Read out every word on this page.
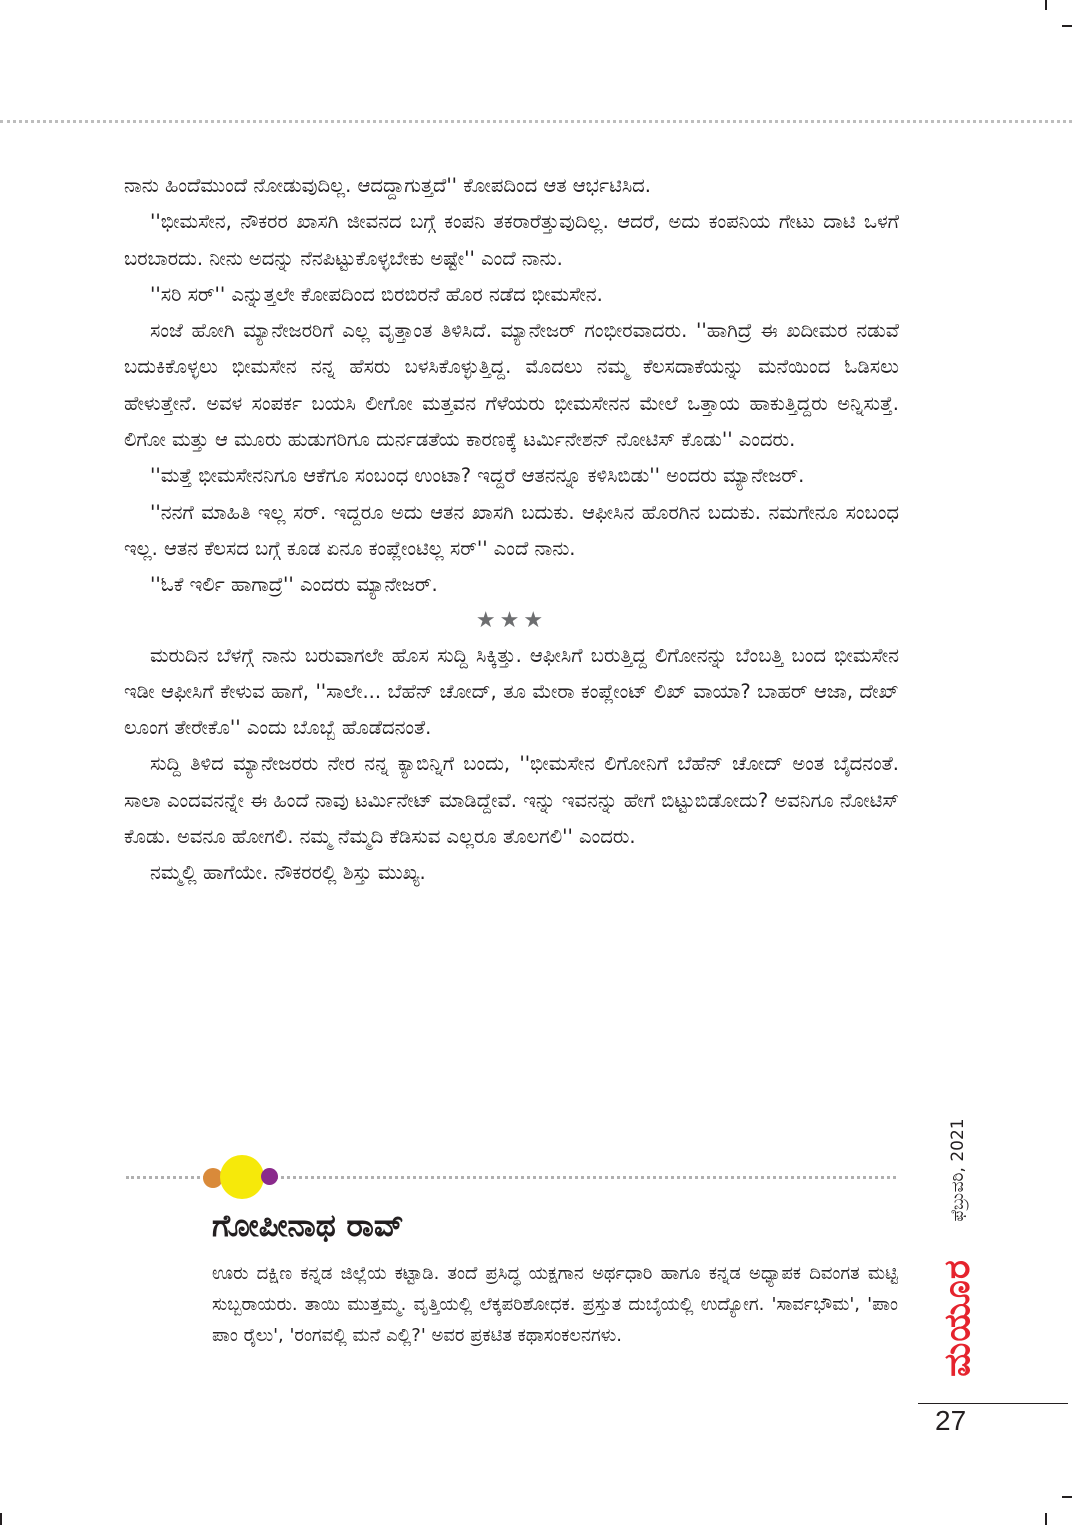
ನಾನು ಹಿಂದೆಮುಂದೆ ನೋಡುವುದಿಲ್ಲ. ಆದದ್ದಾಗುತ್ತದೆ'' ಕೋಪದಿಂದ ಆತ ಆರ್ಭಟಿಸಿದ.

''ಭೀಮಸೇನ, ನೌಕರರ ಖಾಸಗಿ ಜೀವನದ ಬಗ್ಗೆ ಕಂಪನಿ ತಕರಾರೆತ್ತುವುದಿಲ್ಲ. ಆದರೆ, ಅದು ಕಂಪನಿಯ ಗೇಟು ದಾಟಿ ಒಳಗೆ ಬರಬಾರದು. ನೀನು ಅದನ್ನು ನೆನಪಿಟ್ಟುಕೊಳ್ಳಬೇಕು ಅಷ್ಟೇ'' ಎಂದೆ ನಾನು.

''ಸರಿ ಸರ್'' ಎನ್ನುತ್ತಲೇ ಕೋಪದಿಂದ ಬಿರಬಿರನೆ ಹೊರ ನಡೆದ ಭೀಮಸೇನ.

ಸಂಜೆ ಹೋಗಿ ಮ್ಯಾನೇಜರರಿಗೆ ಎಲ್ಲ ವೃತ್ತಾಂತ ತಿಳಿಸಿದೆ. ಮ್ಯಾನೇಜರ್ ಗಂಭೀರವಾದರು. ''ಹಾಗಿದ್ರೆ ಈ ಖದೀಮರ ನಡುವೆ ಬದುಕಿಕೊಳ್ಳಲು ಭೀಮಸೇನ ನನ್ನ ಹೆಸರು ಬಳಸಿಕೊಳ್ಳುತ್ತಿದ್ದ. ಮೊದಲು ನಮ್ಮ ಕೆಲಸದಾಕೆಯನ್ನು ಮನೆಯಿಂದ ಓಡಿಸಲು ಹೇಳುತ್ತೇನೆ. ಅವಳ ಸಂಪರ್ಕ ಬಯಸಿ ಲೀಗೋ ಮತ್ತವನ ಗೆಳೆಯರು ಭೀಮಸೇನನ ಮೇಲೆ ಒತ್ತಾಯ ಹಾಕುತ್ತಿದ್ದರು ಅನ್ನಿಸುತ್ತೆ. ಲಿಗೋ ಮತ್ತು ಆ ಮೂರು ಹುಡುಗರಿಗೂ ದುರ್ನಡತೆಯ ಕಾರಣಕ್ಕೆ ಟರ್ಮಿನೇಶನ್ ನೋಟಿಸ್ ಕೊಡು'' ಎಂದರು.

''ಮತ್ತೆ ಭೀಮಸೇನನಿಗೂ ಆಕೆಗೂ ಸಂಬಂಧ ಉಂಟಾ? ಇದ್ದರೆ ಆತನನ್ನೂ ಕಳಿಸಿಬಿಡು'' ಅಂದರು ಮ್ಯಾನೇಜರ್.

''ನನಗೆ ಮಾಹಿತಿ ಇಲ್ಲ ಸರ್. ಇದ್ದರೂ ಅದು ಆತನ ಖಾಸಗಿ ಬದುಕು. ಆಫೀಸಿನ ಹೊರಗಿನ ಬದುಕು. ನಮಗೇನೂ ಸಂಬಂಧ ಇಲ್ಲ. ಆತನ ಕೆಲಸದ ಬಗ್ಗೆ ಕೂಡ ಏನೂ ಕಂಪ್ಲೇಂಟಿಲ್ಲ ಸರ್'' ಎಂದೆ ನಾನು.

''ಓಕೆ ಇರ್ಲಿ ಹಾಗಾದ್ರೆ'' ಎಂದರು ಮ್ಯಾನೇಜರ್.

★★★

ಮರುದಿನ ಬೆಳಗ್ಗೆ ನಾನು ಬರುವಾಗಲೇ ಹೊಸ ಸುದ್ದಿ ಸಿಕ್ಕಿತ್ತು. ಆಫೀಸಿಗೆ ಬರುತ್ತಿದ್ದ ಲಿಗೋನನ್ನು ಬೆಂಬತ್ತಿ ಬಂದ ಭೀಮಸೇನ ಇಡೀ ಆಫೀಸಿಗೆ ಕೇಳುವ ಹಾಗೆ, ''ಸಾಲೇ... ಬೆಹೆನ್ ಚೋದ್, ತೂ ಮೇರಾ ಕಂಪ್ಲೇಂಟ್ ಲಿಖ್ ವಾಯಾ? ಬಾಹರ್ ಆಜಾ, ದೇಖ್ ಲೂಂಗ ತೇರೇಕೊ'' ಎಂದು ಬೊಬ್ಬೆ ಹೊಡೆದನಂತೆ.

ಸುದ್ದಿ ತಿಳಿದ ಮ್ಯಾನೇಜರರು ನೇರ ನನ್ನ ಕ್ಯಾಬಿನ್ನಿಗೆ ಬಂದು, ''ಭೀಮಸೇನ ಲಿಗೋನಿಗೆ ಬೆಹೆನ್ ಚೋದ್ ಅಂತ ಬೈದನಂತೆ. ಸಾಲಾ ಎಂದವನನ್ನೇ ಈ ಹಿಂದೆ ನಾವು ಟರ್ಮಿನೇಟ್ ಮಾಡಿದ್ದೇವೆ. ಇನ್ನು ಇವನನ್ನು ಹೇಗೆ ಬಿಟ್ಟುಬಿಡೋದು? ಅವನಿಗೂ ನೋಟಿಸ್ ಕೊಡು. ಅವನೂ ಹೋಗಲಿ. ನಮ್ಮ ನೆಮ್ಮದಿ ಕೆಡಿಸುವ ಎಲ್ಲರೂ ತೊಲಗಲಿ'' ಎಂದರು.

ನಮ್ಮಲ್ಲಿ ಹಾಗೆಯೇ. ನೌಕರರಲ್ಲಿ ಶಿಸ್ತು ಮುಖ್ಯ.

ಗೋಪೀನಾಥ ರಾವ್
ಊರು ದಕ್ಷಿಣ ಕನ್ನಡ ಜಿಲ್ಲೆಯ ಕಟ್ಟಾಡಿ. ತಂದೆ ಪ್ರಸಿದ್ಧ ಯಕ್ಷಗಾನ ಅರ್ಥಧಾರಿ ಹಾಗೂ ಕನ್ನಡ ಅಧ್ಯಾಪಕ ದಿವಂಗತ ಮಟ್ಟಿ ಸುಬ್ಬರಾಯರು. ತಾಯಿ ಮುತ್ತಮ್ಮ. ವೃತ್ತಿಯಲ್ಲಿ ಲೆಕ್ಕಪರಿಶೋಧಕ. ಪ್ರಸ್ತುತ ದುಬೈಯಲ್ಲಿ ಉದ್ಯೋಗ. 'ಸಾರ್ವಭೌಮ', 'ಪಾಂ ಪಾಂ ರೈಲು', 'ರಂಗವಲ್ಲಿ ಮನೆ ಎಲ್ಲಿ?' ಅವರ ಪ್ರಕಟಿತ ಕಥಾಸಂಕಲನಗಳು.
ಫೆಬ್ರುವರಿ, 2021
ಮಯೂರ
27
